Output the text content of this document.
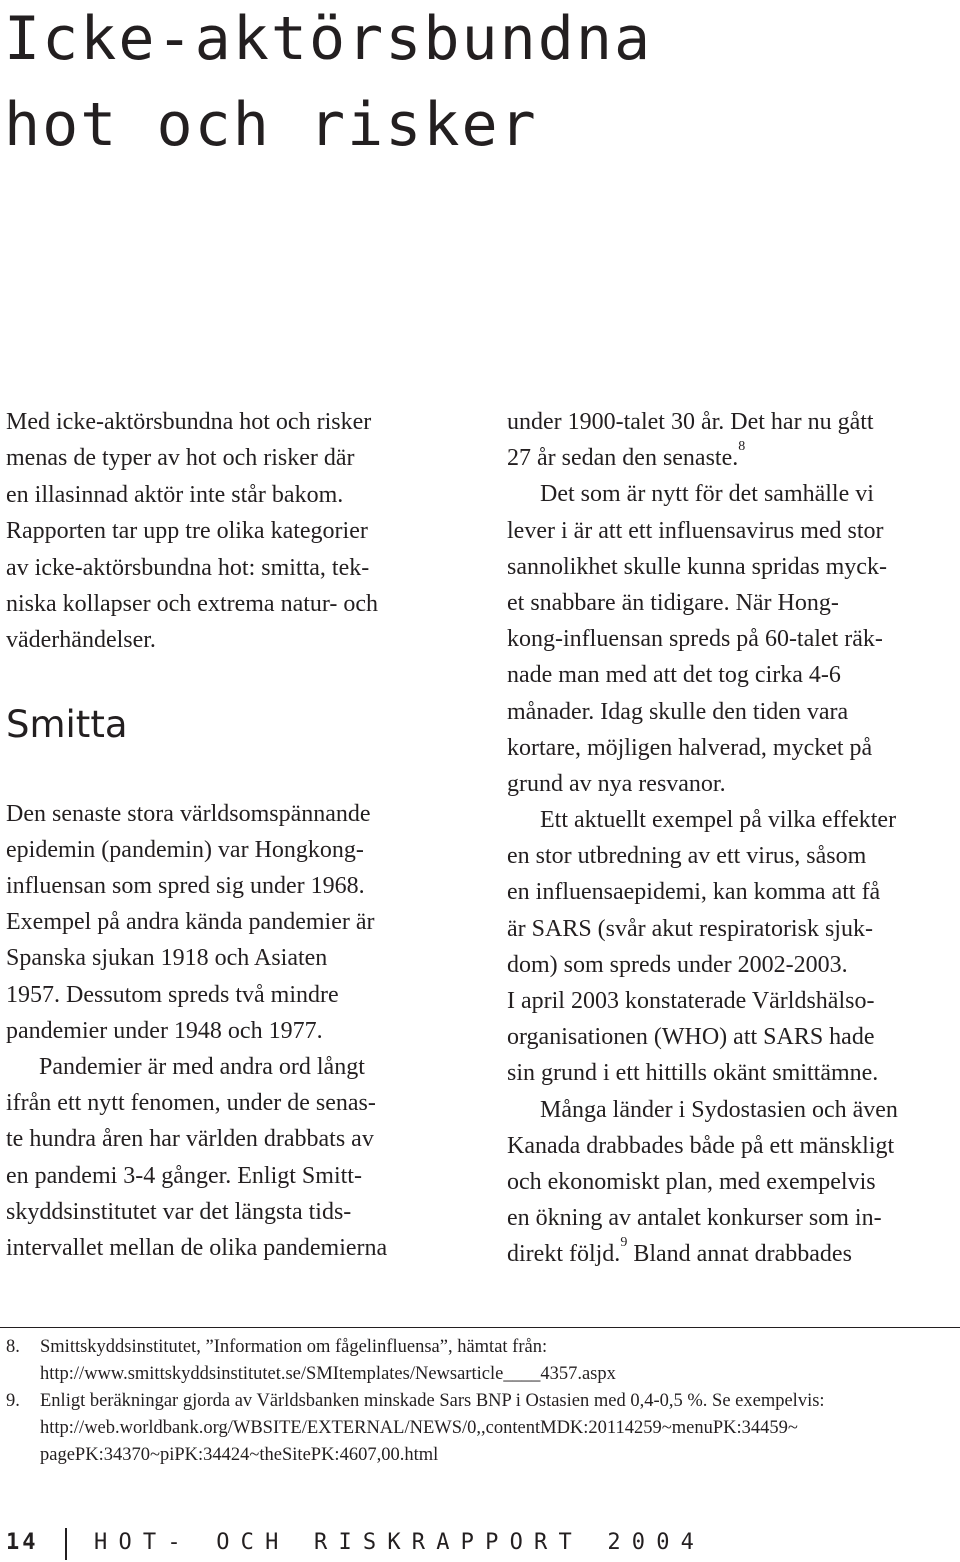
Icke-aktörsbundna
hot och risker
Med icke-aktörsbundna hot och risker
menas de typer av hot och risker där
en illasinnad aktör inte står bakom.
Rapporten tar upp tre olika kategorier
av icke-aktörsbundna hot: smitta, tek-
niska kollapser och extrema natur- och
väderhändelser.
Smitta
Den senaste stora världsomspännande
epidemin (pandemin) var Hongkong-
influensan som spred sig under 1968.
Exempel på andra kända pandemier är
Spanska sjukan 1918 och Asiaten
1957. Dessutom spreds två mindre
pandemier under 1948 och 1977.
Pandemier är med andra ord långt
ifrån ett nytt fenomen, under de senas-
te hundra åren har världen drabbats av
en pandemi 3-4 gånger. Enligt Smitt-
skyddsinstitutet var det längsta tids-
intervallet mellan de olika pandemierna
under 1900-talet 30 år. Det har nu gått
27 år sedan den senaste.$^8$
Det som är nytt för det samhälle vi
lever i är att ett influensavirus med stor
sannolikhet skulle kunna spridas myck-
et snabbare än tidigare. När Hong-
kong-influensan spreds på 60-talet räk-
nade man med att det tog cirka 4-6
månader. Idag skulle den tiden vara
kortare, möjligen halverad, mycket på
grund av nya resvanor.
Ett aktuellt exempel på vilka effekter
en stor utbredning av ett virus, såsom
en influensaepidemi, kan komma att få
är SARS (svår akut respiratorisk sjuk-
dom) som spreds under 2002-2003.
I april 2003 konstaterade Världshälso-
organisationen (WHO) att SARS hade
sin grund i ett hittills okänt smittämne.
Många länder i Sydostasien och även
Kanada drabbades både på ett mänskligt
och ekonomiskt plan, med exempelvis
en ökning av antalet konkurser som in-
direkt följd.$^9$ Bland annat drabbades
8.	Smittskyddsinstitutet, ”Information om fågelinfluensa”, hämtat från:
http://www.smittskyddsinstitutet.se/SMItemplates/Newsarticle____4357.aspx
9.	Enligt beräkningar gjorda av Världsbanken minskade Sars BNP i Ostasien med 0,4-0,5 %. Se exempelvis:
http://web.worldbank.org/WBSITE/EXTERNAL/NEWS/0,,contentMDK:20114259~menuPK:34459~
pagePK:34370~piPK:34424~theSitePK:4607,00.html
14	HOT- OCH RISKRAPPORT 2004
